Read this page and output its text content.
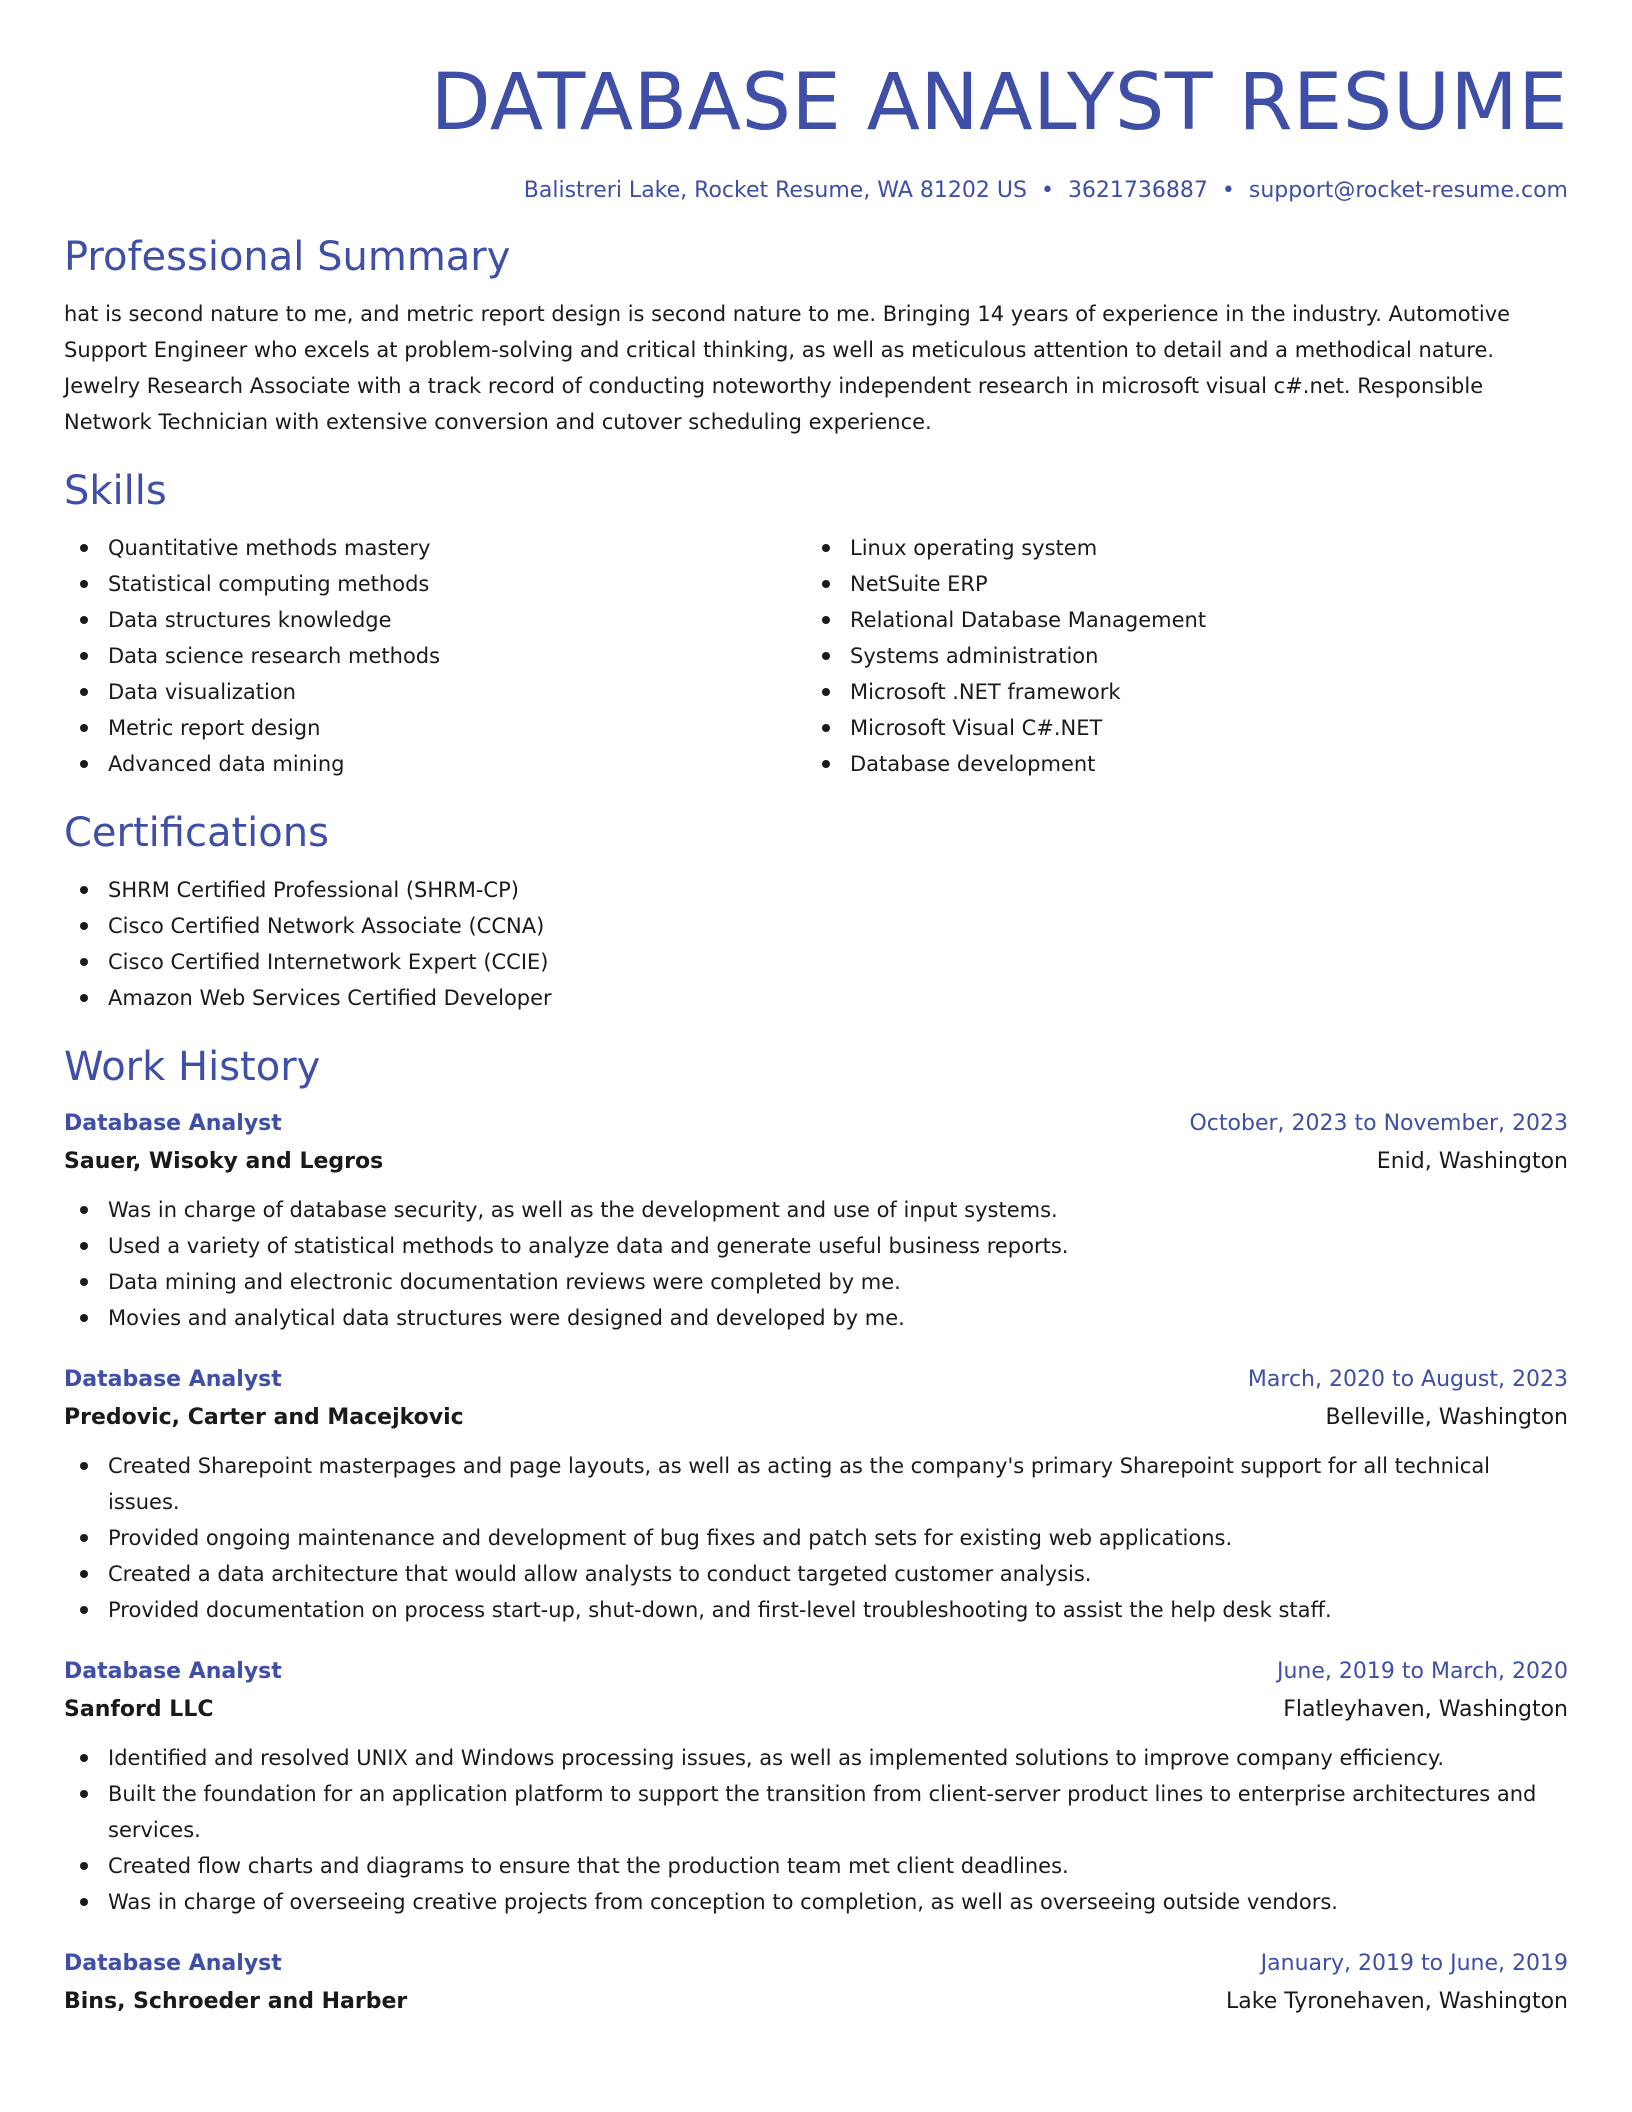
DATABASE ANALYST RESUME
Balistreri Lake, Rocket Resume, WA 81202 US • 3621736887 • support@rocket-resume.com
Professional Summary

hat is second nature to me, and metric report design is second nature to me. Bringing 14 years of experience in the industry. Automotive Support Engineer who excels at problem-solving and critical thinking, as well as meticulous attention to detail and a methodical nature. Jewelry Research Associate with a track record of conducting noteworthy independent research in microsoft visual c#.net. Responsible Network Technician with extensive conversion and cutover scheduling experience.

Skills
Quantitative methods mastery
Statistical computing methods
Data structures knowledge
Data science research methods
Data visualization
Metric report design
Advanced data mining
Linux operating system
NetSuite ERP
Relational Database Management
Systems administration
Microsoft .NET framework
Microsoft Visual C#.NET
Database development
Certifications
SHRM Certified Professional (SHRM-CP)
Cisco Certified Network Associate (CCNA)
Cisco Certified Internetwork Expert (CCIE)
Amazon Web Services Certified Developer
Work History
Database Analyst	October, 2023 to November, 2023
Sauer, Wisoky and Legros	Enid, Washington
Was in charge of database security, as well as the development and use of input systems.
Used a variety of statistical methods to analyze data and generate useful business reports.
Data mining and electronic documentation reviews were completed by me.
Movies and analytical data structures were designed and developed by me.
Database Analyst	March, 2020 to August, 2023
Predovic, Carter and Macejkovic	Belleville, Washington
Created Sharepoint masterpages and page layouts, as well as acting as the company's primary Sharepoint support for all technical issues.
Provided ongoing maintenance and development of bug fixes and patch sets for existing web applications.
Created a data architecture that would allow analysts to conduct targeted customer analysis.
Provided documentation on process start-up, shut-down, and first-level troubleshooting to assist the help desk staff.
Database Analyst	June, 2019 to March, 2020
Sanford LLC	Flatleyhaven, Washington
Identified and resolved UNIX and Windows processing issues, as well as implemented solutions to improve company efficiency.
Built the foundation for an application platform to support the transition from client-server product lines to enterprise architectures and services.
Created flow charts and diagrams to ensure that the production team met client deadlines.
Was in charge of overseeing creative projects from conception to completion, as well as overseeing outside vendors.
Database Analyst	January, 2019 to June, 2019
Bins, Schroeder and Harber	Lake Tyronehaven, Washington
